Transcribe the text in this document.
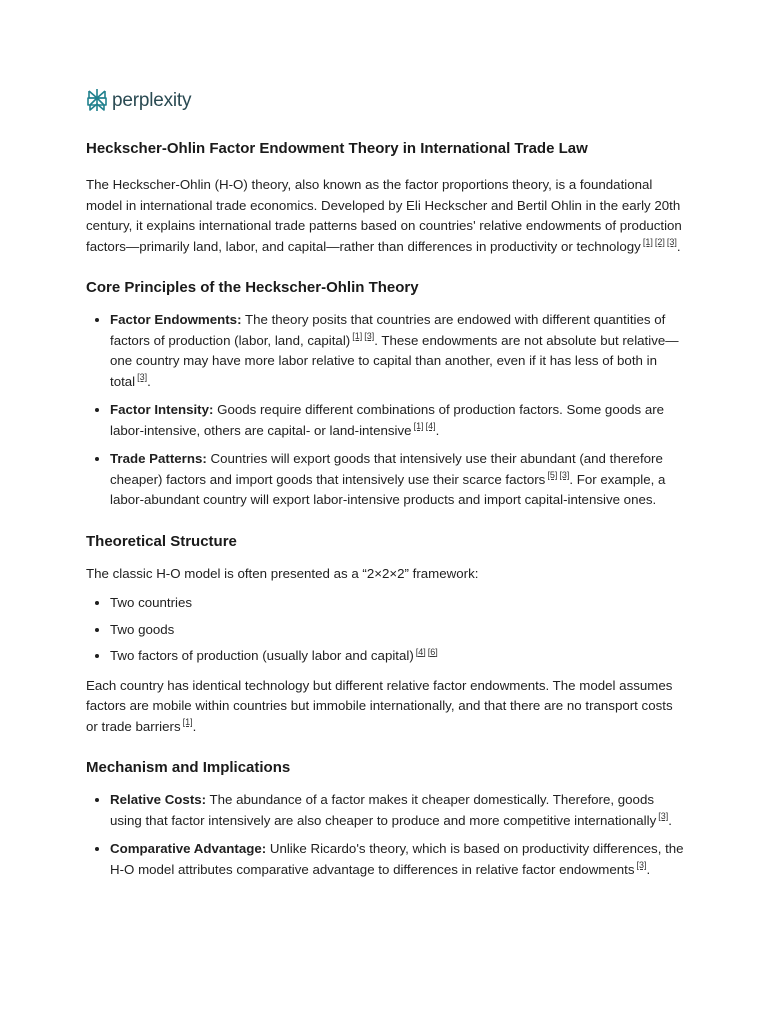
perplexity
Heckscher-Ohlin Factor Endowment Theory in International Trade Law

The Heckscher-Ohlin (H-O) theory, also known as the factor proportions theory, is a foundational model in international trade economics. Developed by Eli Heckscher and Bertil Ohlin in the early 20th century, it explains international trade patterns based on countries' relative endowments of production factors—primarily land, labor, and capital—rather than differences in productivity or technology [1] [2] [3].

Core Principles of the Heckscher-Ohlin Theory
• Factor Endowments: The theory posits that countries are endowed with different quantities of factors of production (labor, land, capital) [1] [3]. These endowments are not absolute but relative—one country may have more labor relative to capital than another, even if it has less of both in total [3].
• Factor Intensity: Goods require different combinations of production factors. Some goods are labor-intensive, others are capital- or land-intensive [1] [4].
• Trade Patterns: Countries will export goods that intensively use their abundant (and therefore cheaper) factors and import goods that intensively use their scarce factors [5] [3]. For example, a labor-abundant country will export labor-intensive products and import capital-intensive ones.
Theoretical Structure

The classic H-O model is often presented as a “2×2×2” framework:

• Two countries
• Two goods
• Two factors of production (usually labor and capital) [4] [6]

Each country has identical technology but different relative factor endowments. The model assumes factors are mobile within countries but immobile internationally, and that there are no transport costs or trade barriers [1].

Mechanism and Implications
• Relative Costs: The abundance of a factor makes it cheaper domestically. Therefore, goods using that factor intensively are also cheaper to produce and more competitive internationally [3].
• Comparative Advantage: Unlike Ricardo's theory, which is based on productivity differences, the H-O model attributes comparative advantage to differences in relative factor endowments [3].
